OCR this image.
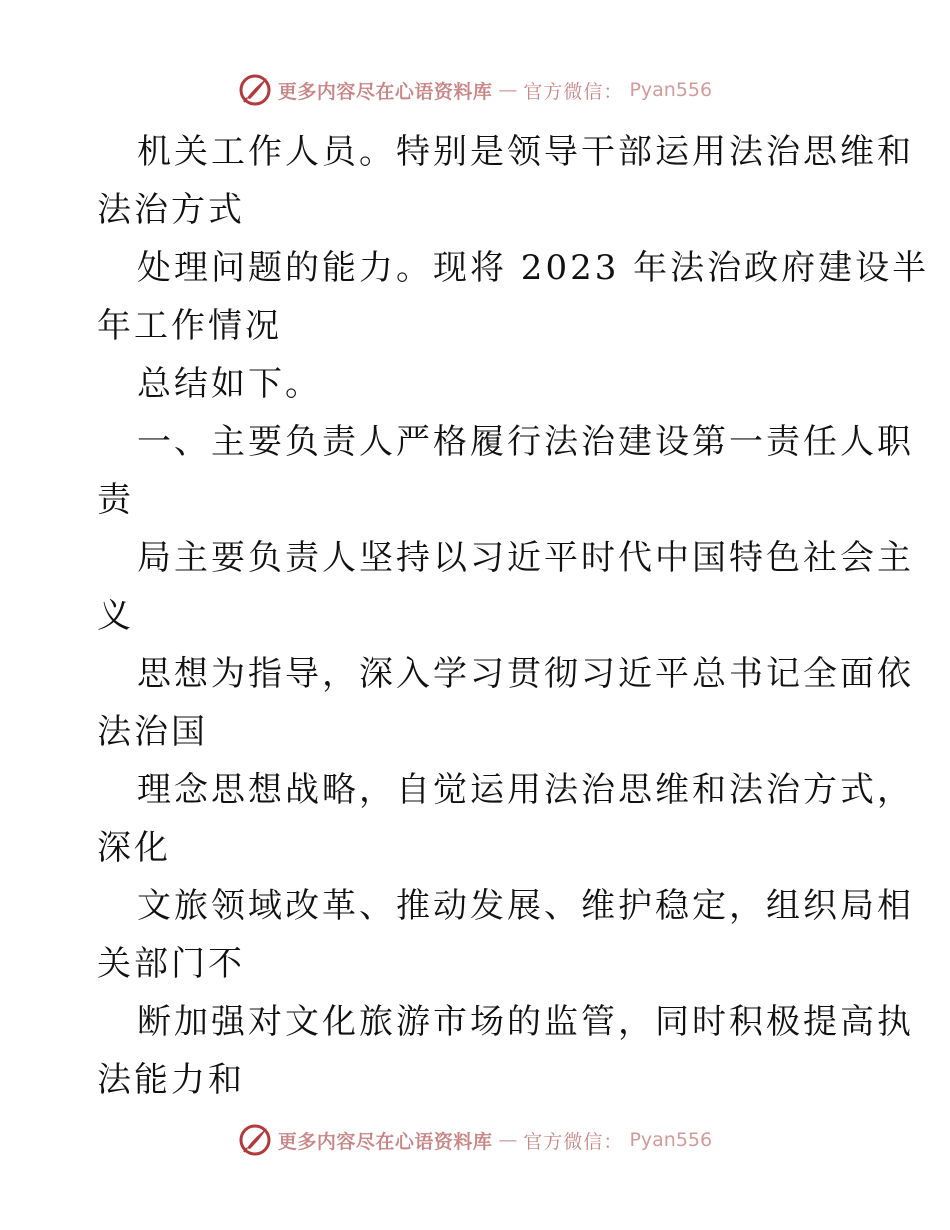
更多内容尽在心语资料库 — 官方微信： Pyan556
机关工作人员。特别是领导干部运用法治思维和
法治方式
处理问题的能力。现将 2023 年法治政府建设半
年工作情况
总结如下。
一、主要负责人严格履行法治建设第一责任人职
责
局主要负责人坚持以习近平时代中国特色社会主
义
思想为指导，深入学习贯彻习近平总书记全面依
法治国
理念思想战略，自觉运用法治思维和法治方式，
深化
文旅领域改革、推动发展、维护稳定，组织局相
关部门不
断加强对文化旅游市场的监管，同时积极提高执
法能力和
更多内容尽在心语资料库 — 官方微信： Pyan556
